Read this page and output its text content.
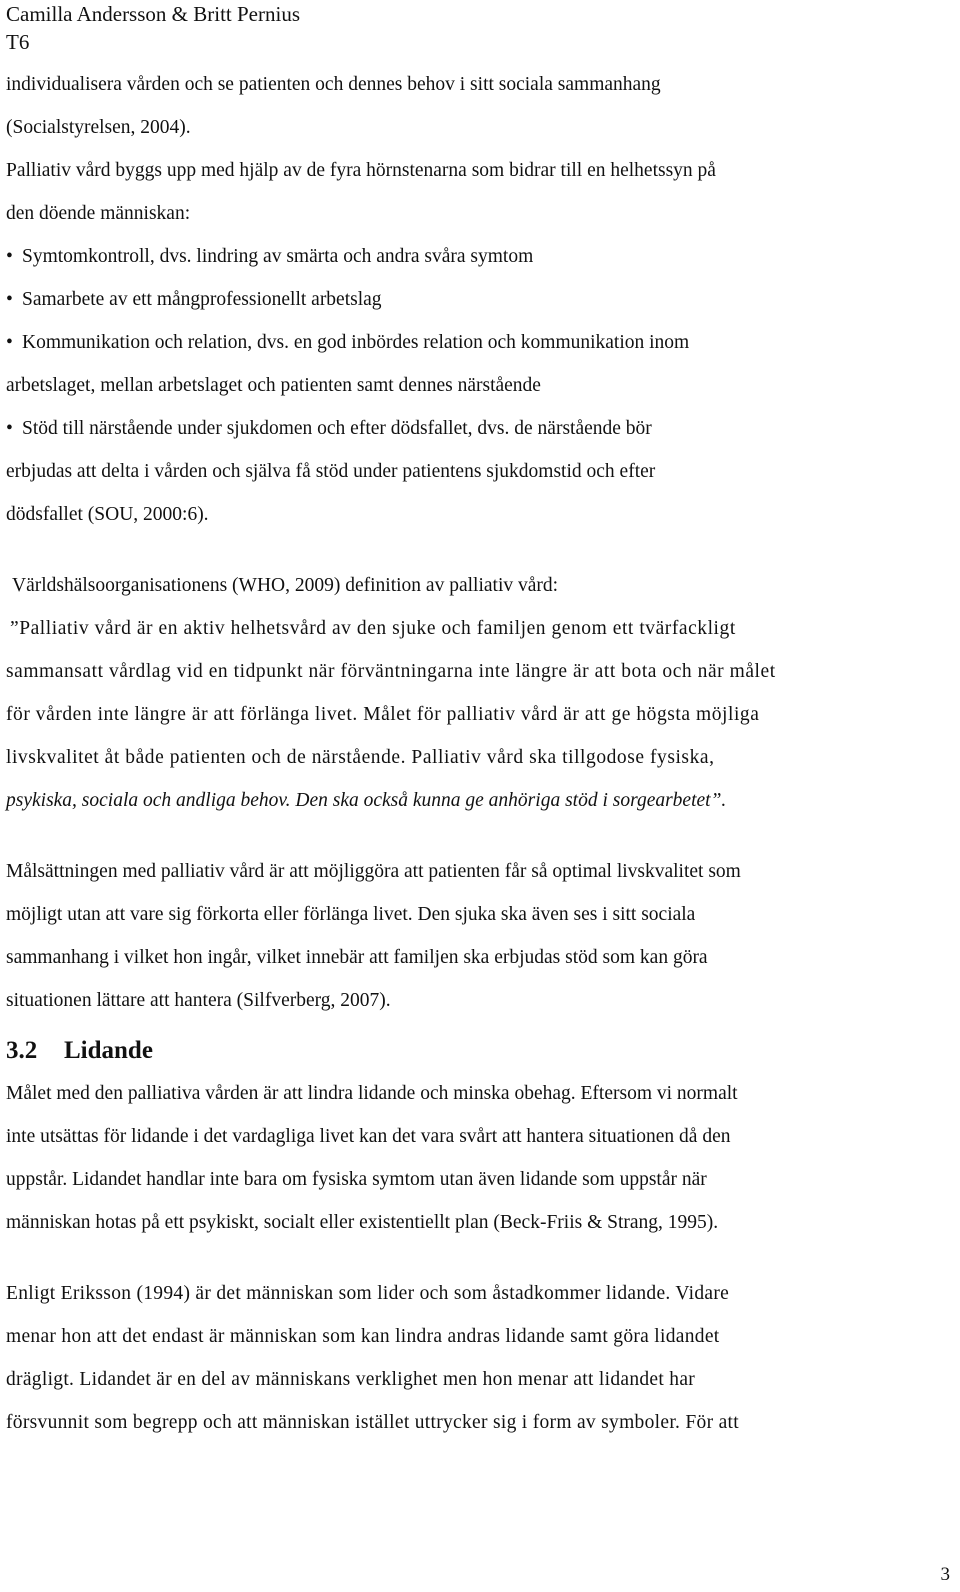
Camilla Andersson & Britt Pernius

T6

individualisera vården och se patienten och dennes behov i sitt sociala sammanhang

(Socialstyrelsen, 2004).

Palliativ vård byggs upp med hjälp av de fyra hörnstenarna som bidrar till en helhetssyn på

den döende människan:

• Symtomkontroll, dvs. lindring av smärta och andra svåra symtom

• Samarbete av ett mångprofessionellt arbetslag

• Kommunikation och relation, dvs. en god inbördes relation och kommunikation inom

arbetslaget, mellan arbetslaget och patienten samt dennes närstående

• Stöd till närstående under sjukdomen och efter dödsfallet, dvs. de närstående bör

erbjudas att delta i vården och själva få stöd under patientens sjukdomstid och efter

dödsfallet (SOU, 2000:6).

Världshälsoorganisationens (WHO, 2009) definition av palliativ vård:

”Palliativ vård är en aktiv helhetsvård av den sjuke och familjen genom ett tvärfackligt

sammansatt vårdlag vid en tidpunkt när förväntningarna inte längre är att bota och när målet

för vården inte längre är att förlänga livet. Målet för palliativ vård är att ge högsta möjliga

livskvalitet åt både patienten och de närstående. Palliativ vård ska tillgodose fysiska,

psykiska, sociala och andliga behov. Den ska också kunna ge anhöriga stöd i sorgearbetet”.

Målsättningen med palliativ vård är att möjliggöra att patienten får så optimal livskvalitet som

möjligt utan att vare sig förkorta eller förlänga livet. Den sjuka ska även ses i sitt sociala

sammanhang i vilket hon ingår, vilket innebär att familjen ska erbjudas stöd som kan göra

situationen lättare att hantera (Silfverberg, 2007).

3.2 Lidande

Målet med den palliativa vården är att lindra lidande och minska obehag. Eftersom vi normalt

inte utsättas för lidande i det vardagliga livet kan det vara svårt att hantera situationen då den

uppstår. Lidandet handlar inte bara om fysiska symtom utan även lidande som uppstår när

människan hotas på ett psykiskt, socialt eller existentiellt plan (Beck-Friis & Strang, 1995).

Enligt Eriksson (1994) är det människan som lider och som åstadkommer lidande. Vidare

menar hon att det endast är människan som kan lindra andras lidande samt göra lidandet

drägligt. Lidandet är en del av människans verklighet men hon menar att lidandet har

försvunnit som begrepp och att människan istället uttrycker sig i form av symboler. För att

3
